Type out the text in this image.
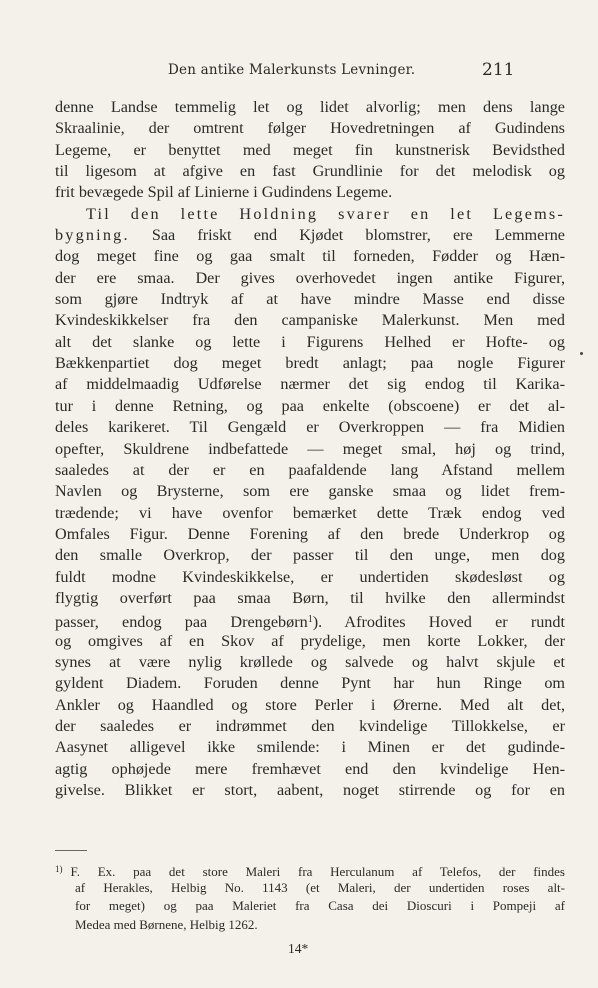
Den antike Malerkunsts Levninger.	211
denne Landse temmelig let og lidet alvorlig; men dens lange
Skraalinie, der omtrent følger Hovedretningen af Gudindens
Legeme, er benyttet med meget fin kunstnerisk Bevidsthed
til ligesom at afgive en fast Grundlinie for det melodisk og
frit bevægede Spil af Linierne i Gudindens Legeme.
Til den lette Holdning svarer en let Legems-
bygning. Saa friskt end Kjødet blomstrer, ere Lemmerne
dog meget fine og gaa smalt til forneden, Fødder og Hæn-
der ere smaa. Der gives overhovedet ingen antike Figurer,
som gjøre Indtryk af at have mindre Masse end disse
Kvindeskikkelser fra den campaniske Malerkunst. Men med
alt det slanke og lette i Figurens Helhed er Hofte- og
Bækkenpartiet dog meget bredt anlagt; paa nogle Figurer
af middelmaadig Udførelse nærmer det sig endog til Karika-
tur i denne Retning, og paa enkelte (obscoene) er det al-
deles karikeret. Til Gengæld er Overkroppen — fra Midien
opefter, Skuldrene indbefattede — meget smal, høj og trind,
saaledes at der er en paafaldende lang Afstand mellem
Navlen og Brysterne, som ere ganske smaa og lidet frem-
trædende; vi have ovenfor bemærket dette Træk endog ved
Omfales Figur. Denne Forening af den brede Underkrop og
den smalle Overkrop, der passer til den unge, men dog
fuldt modne Kvindeskikkelse, er undertiden skødesløst og
flygtig overført paa smaa Børn, til hvilke den allermindst
passer, endog paa Drengebørn$^1$). Afrodites Hoved er rundt
og omgives af en Skov af prydelige, men korte Lokker, der
synes at være nylig krøllede og salvede og halvt skjule et
gyldent Diadem. Foruden denne Pynt har hun Ringe om
Ankler og Haandled og store Perler i Ørerne. Med alt det,
der saaledes er indrømmet den kvindelige Tillokkelse, er
Aasynet alligevel ikke smilende: i Minen er det gudinde-
agtig ophøjede mere fremhævet end den kvindelige Hen-
givelse. Blikket er stort, aabent, noget stirrende og for en
$^{1)}$ F. Ex. paa det store Maleri fra Herculanum af Telefos, der findes
af Herakles, Helbig No. 1143 (et Maleri, der undertiden roses alt-
for meget) og paa Maleriet fra Casa dei Dioscuri i Pompeji af
Medea med Børnene, Helbig 1262.
14*
